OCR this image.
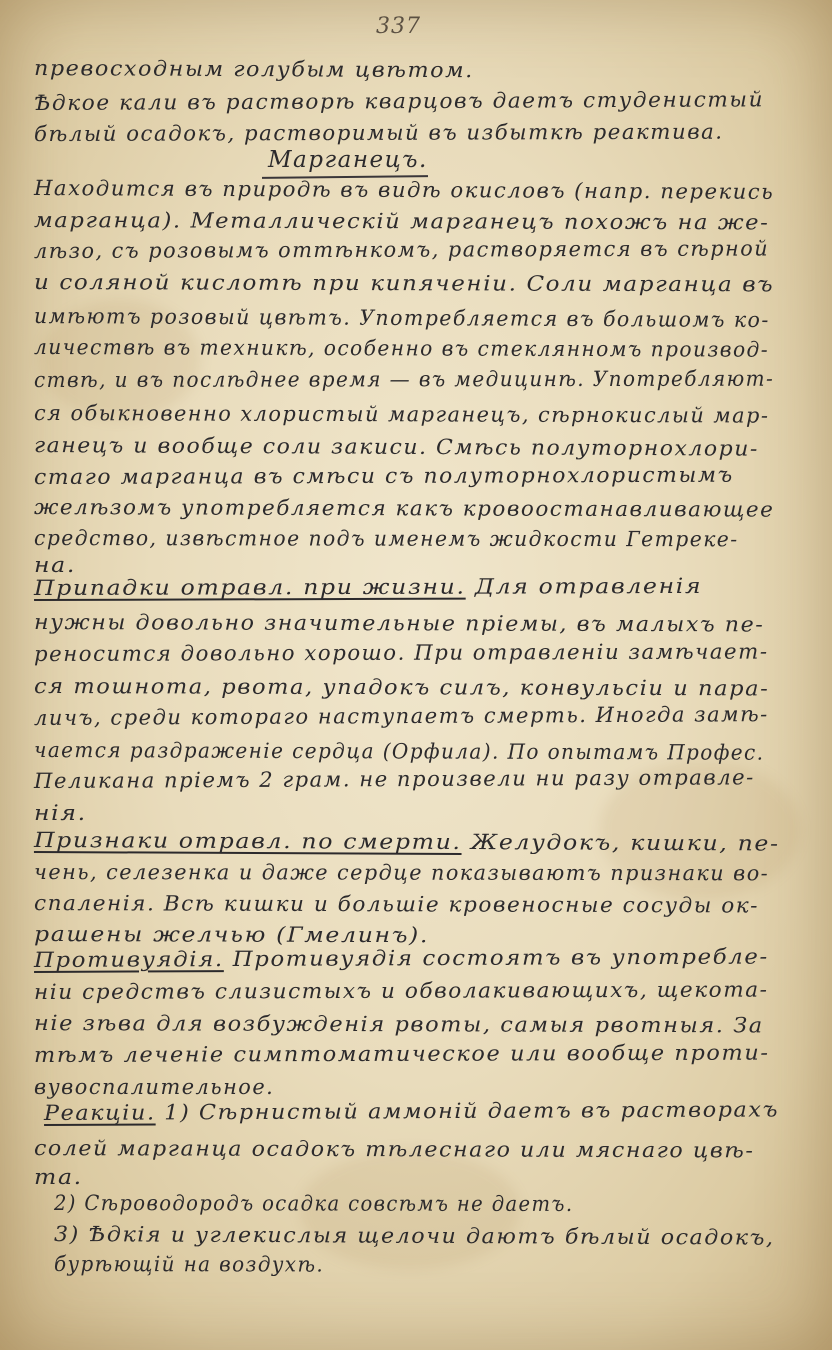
337
Марганецъ.
превосходным голубым цвѣтом.
Ѣдкое кали въ растворѣ кварцовъ даетъ студенистый
бѣлый осадокъ, растворимый въ избыткѣ реактива.
Находится въ природѣ въ видѣ окисловъ (напр. перекись
марганца). Металлическій марганецъ похожъ на же-
лѣзо, съ розовымъ оттѣнкомъ, растворяется въ сѣрной
и соляной кислотѣ при кипяченіи. Соли марганца въ
имѣютъ розовый цвѣтъ. Употребляется въ большомъ ко-
личествѣ въ техникѣ, особенно въ стеклянномъ производ-
ствѣ, и въ послѣднее время — въ медицинѣ. Употребляют-
ся обыкновенно хлористый марганецъ, сѣрнокислый мар-
ганецъ и вообще соли закиси. Смѣсь полуторнохлори-
стаго марганца въ смѣси съ полуторнохлористымъ
желѣзомъ употребляется какъ кровоостанавливающее
средство, извѣстное подъ именемъ жидкости Гетреке-
на.
Припадки отравл. при жизни. Для отравленія
нужны довольно значительные пріемы, въ малыхъ пе-
реносится довольно хорошо. При отравленіи замѣчает-
ся тошнота, рвота, упадокъ силъ, конвульсіи и пара-
личъ, среди котораго наступаетъ смерть. Иногда замѣ-
чается раздраженіе сердца (Орфила). По опытамъ Профес.
Пеликана пріемъ 2 грам. не произвели ни разу отравле-
нія.
Признаки отравл. по смерти. Желудокъ, кишки, пе-
чень, селезенка и даже сердце показываютъ признаки во-
спаленія. Всѣ кишки и большіе кровеносные сосуды ок-
рашены желчью (Гмелинъ).
Противуядія. Противуядія состоятъ въ употребле-
ніи средствъ слизистыхъ и обволакивающихъ, щекота-
ніе зѣва для возбужденія рвоты, самыя рвотныя. За
тѣмъ леченіе симптоматическое или вообще проти-
вувоспалительное.
Реакціи. 1) Сѣрнистый аммоній даетъ въ растворахъ
солей марганца осадокъ тѣлеснаго или мяснаго цвѣ-
та.
2) Сѣроводородъ осадка совсѣмъ не даетъ.
3) Ѣдкія и углекислыя щелочи даютъ бѣлый осадокъ,
бурѣющій на воздухѣ.
